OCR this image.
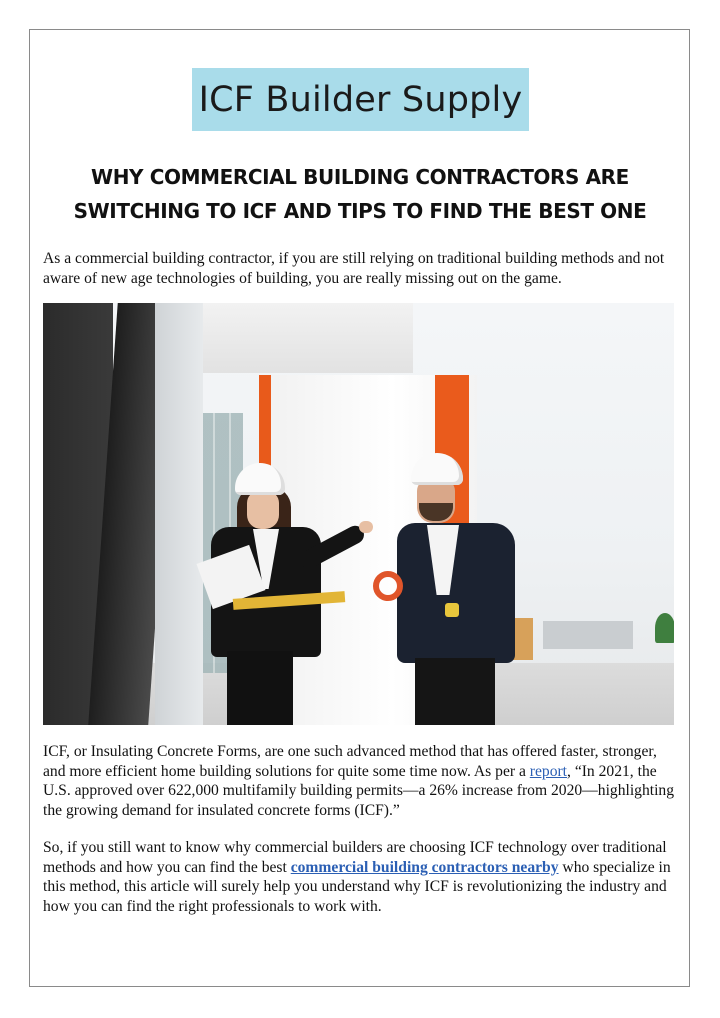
ICF Builder Supply
WHY COMMERCIAL BUILDING CONTRACTORS ARE
SWITCHING TO ICF AND TIPS TO FIND THE BEST ONE

As a commercial building contractor, if you are still relying on traditional building methods and not aware of new age technologies of building, you are really missing out on the game.

ICF, or Insulating Concrete Forms, are one such advanced method that has offered faster, stronger, and more efficient home building solutions for quite some time now. As per a report, “In 2021, the U.S. approved over 622,000 multifamily building permits—a 26% increase from 2020—highlighting the growing demand for insulated concrete forms (ICF).”

So, if you still want to know why commercial builders are choosing ICF technology over traditional methods and how you can find the best commercial building contractors nearby who specialize in this method, this article will surely help you understand why ICF is revolutionizing the industry and how you can find the right professionals to work with.
